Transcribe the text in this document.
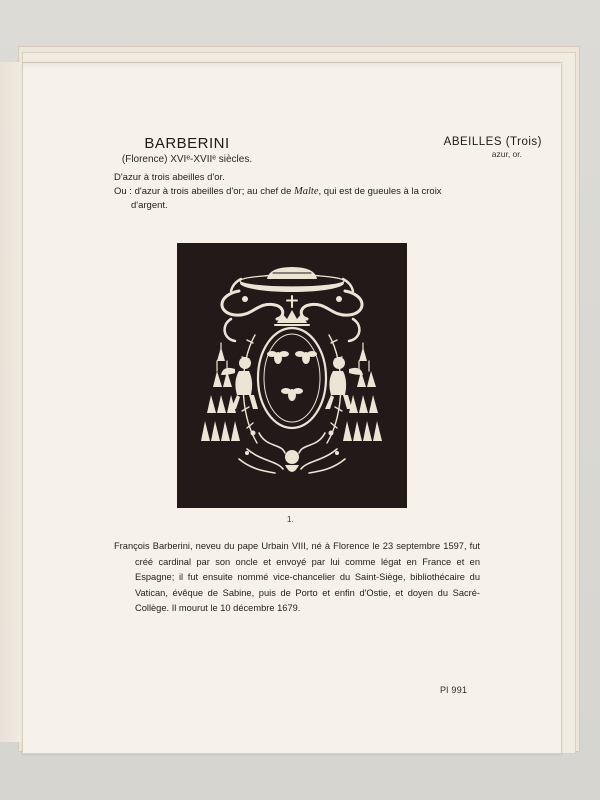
BARBERINI
(Florence) XVIᵉ-XVIIᵉ siècles.
ABEILLES (Trois)
azur, or.
D'azur à trois abeilles d'or.
Ou : d'azur à trois abeilles d'or; au chef de Malte, qui est de gueules à la croix d'argent.
1.

François Barberini, neveu du pape Urbain VIII, né à Florence le 23 septembre 1597, fut créé cardinal par son oncle et envoyé par lui comme légat en France et en Espagne; il fut ensuite nommé vice-chancelier du Saint-Siège, bibliothécaire du Vatican, évêque de Sabine, puis de Porto et enfin d'Ostie, et doyen du Sacré-Collège. Il mourut le 10 décembre 1679.

Pl 991
